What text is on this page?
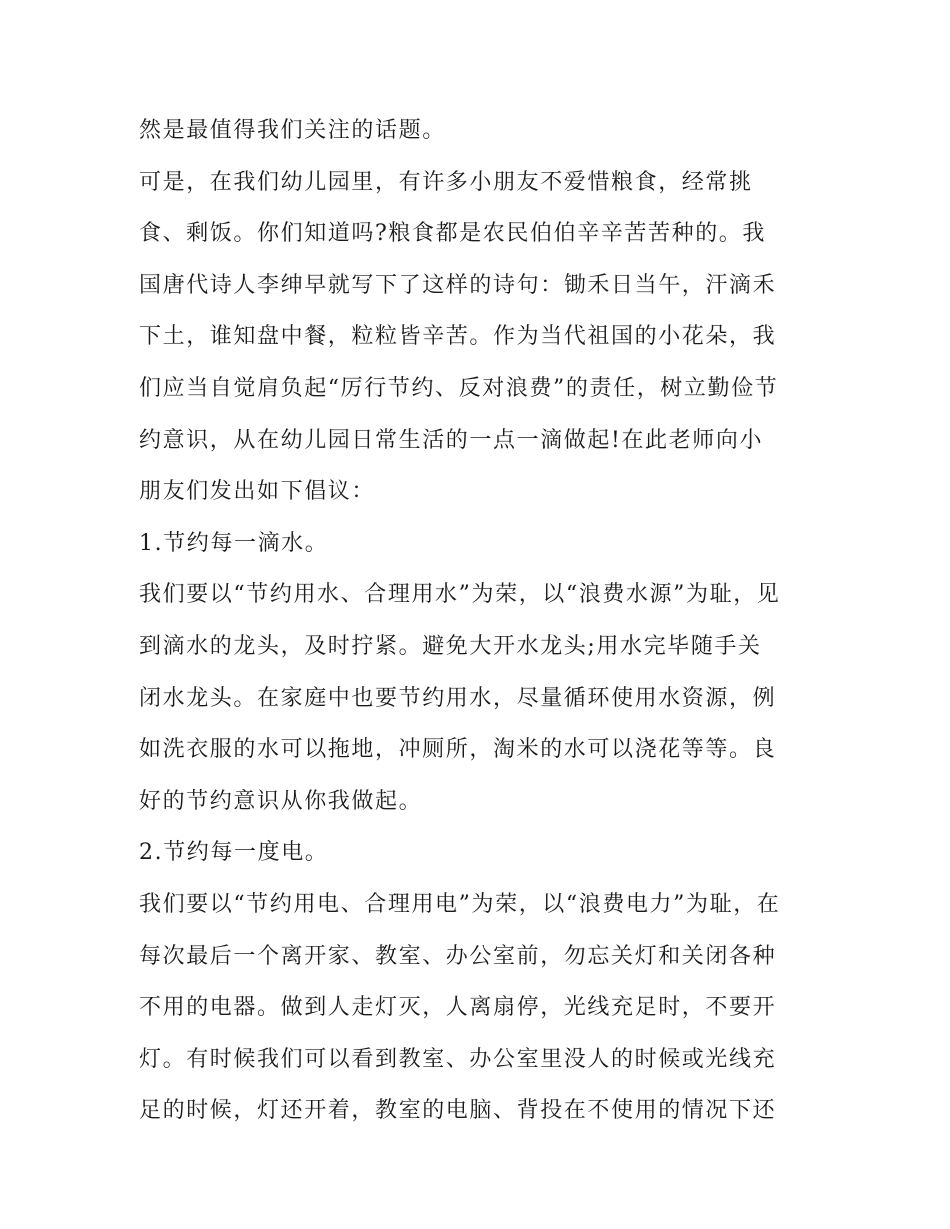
然是最值得我们关注的话题。

可是，在我们幼儿园里，有许多小朋友不爱惜粮食，经常挑

食、剩饭。你们知道吗?粮食都是农民伯伯辛辛苦苦种的。我

国唐代诗人李绅早就写下了这样的诗句：锄禾日当午，汗滴禾

下土，谁知盘中餐，粒粒皆辛苦。作为当代祖国的小花朵，我

们应当自觉肩负起“厉行节约、反对浪费”的责任，树立勤俭节

约意识，从在幼儿园日常生活的一点一滴做起!在此老师向小

朋友们发出如下倡议：

1.节约每一滴水。

我们要以“节约用水、合理用水”为荣，以“浪费水源”为耻，见

到滴水的龙头，及时拧紧。避免大开水龙头;用水完毕随手关

闭水龙头。在家庭中也要节约用水，尽量循环使用水资源，例

如洗衣服的水可以拖地，冲厕所，淘米的水可以浇花等等。良

好的节约意识从你我做起。

2.节约每一度电。

我们要以“节约用电、合理用电”为荣，以“浪费电力”为耻，在

每次最后一个离开家、教室、办公室前，勿忘关灯和关闭各种

不用的电器。做到人走灯灭，人离扇停，光线充足时，不要开

灯。有时候我们可以看到教室、办公室里没人的时候或光线充

足的时候，灯还开着，教室的电脑、背投在不使用的情况下还
